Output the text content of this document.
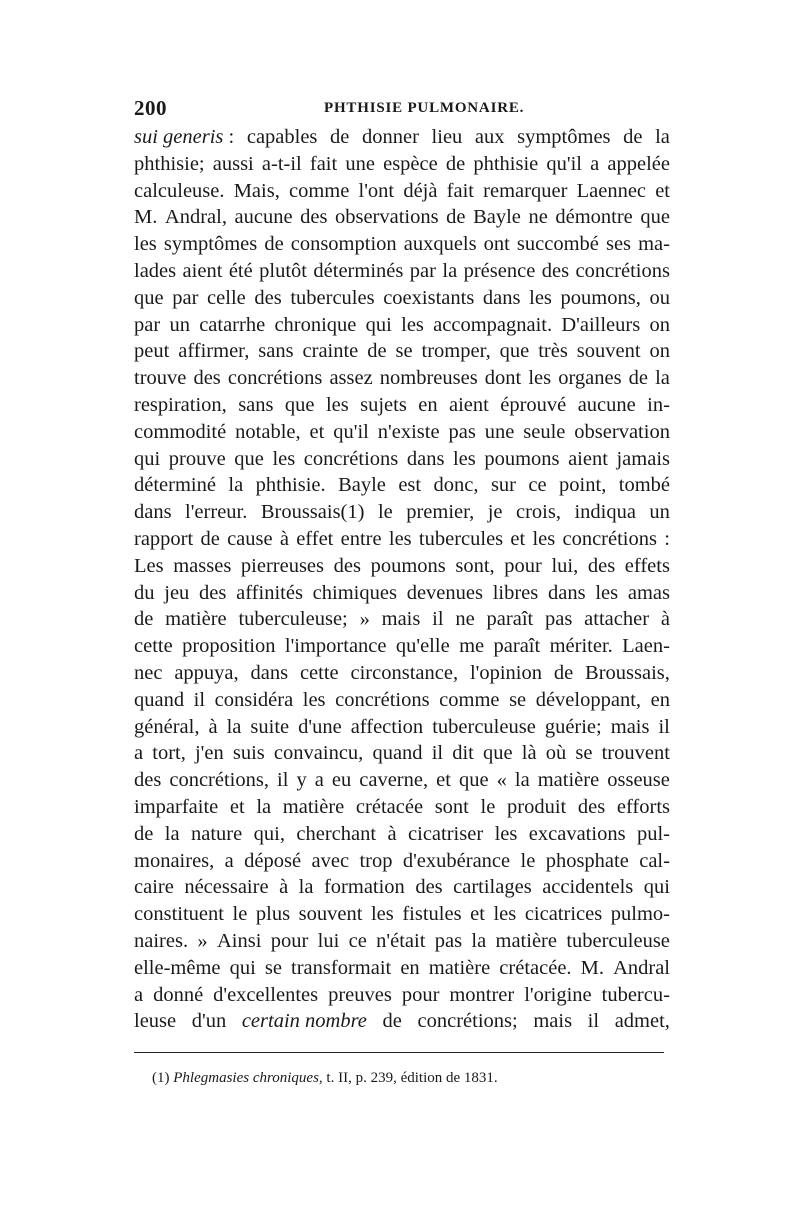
200	PHTHISIE PULMONAIRE.
sui generis : capables de donner lieu aux symptômes de la
phthisie; aussi a-t-il fait une espèce de phthisie qu'il a appelée
calculeuse. Mais, comme l'ont déjà fait remarquer Laennec et
M. Andral, aucune des observations de Bayle ne démontre que
les symptômes de consomption auxquels ont succombé ses ma-
lades aient été plutôt déterminés par la présence des concrétions
que par celle des tubercules coexistants dans les poumons, ou
par un catarrhe chronique qui les accompagnait. D'ailleurs on
peut affirmer, sans crainte de se tromper, que très souvent on
trouve des concrétions assez nombreuses dont les organes de la
respiration, sans que les sujets en aient éprouvé aucune in-
commodité notable, et qu'il n'existe pas une seule observation
qui prouve que les concrétions dans les poumons aient jamais
déterminé la phthisie. Bayle est donc, sur ce point, tombé
dans l'erreur. Broussais(1) le premier, je crois, indiqua un
rapport de cause à effet entre les tubercules et les concrétions :
Les masses pierreuses des poumons sont, pour lui, des effets
du jeu des affinités chimiques devenues libres dans les amas
de matière tuberculeuse; » mais il ne paraît pas attacher à
cette proposition l'importance qu'elle me paraît mériter. Laen-
nec appuya, dans cette circonstance, l'opinion de Broussais,
quand il considéra les concrétions comme se développant, en
général, à la suite d'une affection tuberculeuse guérie; mais il
a tort, j'en suis convaincu, quand il dit que là où se trouvent
des concrétions, il y a eu caverne, et que « la matière osseuse
imparfaite et la matière crétacée sont le produit des efforts
de la nature qui, cherchant à cicatriser les excavations pul-
monaires, a déposé avec trop d'exubérance le phosphate cal-
caire nécessaire à la formation des cartilages accidentels qui
constituent le plus souvent les fistules et les cicatrices pulmo-
naires. » Ainsi pour lui ce n'était pas la matière tuberculeuse
elle-même qui se transformait en matière crétacée. M. Andral
a donné d'excellentes preuves pour montrer l'origine tubercu-
leuse d'un certain nombre de concrétions; mais il admet,
(1) Phlegmasies chroniques, t. II, p. 239, édition de 1831.
